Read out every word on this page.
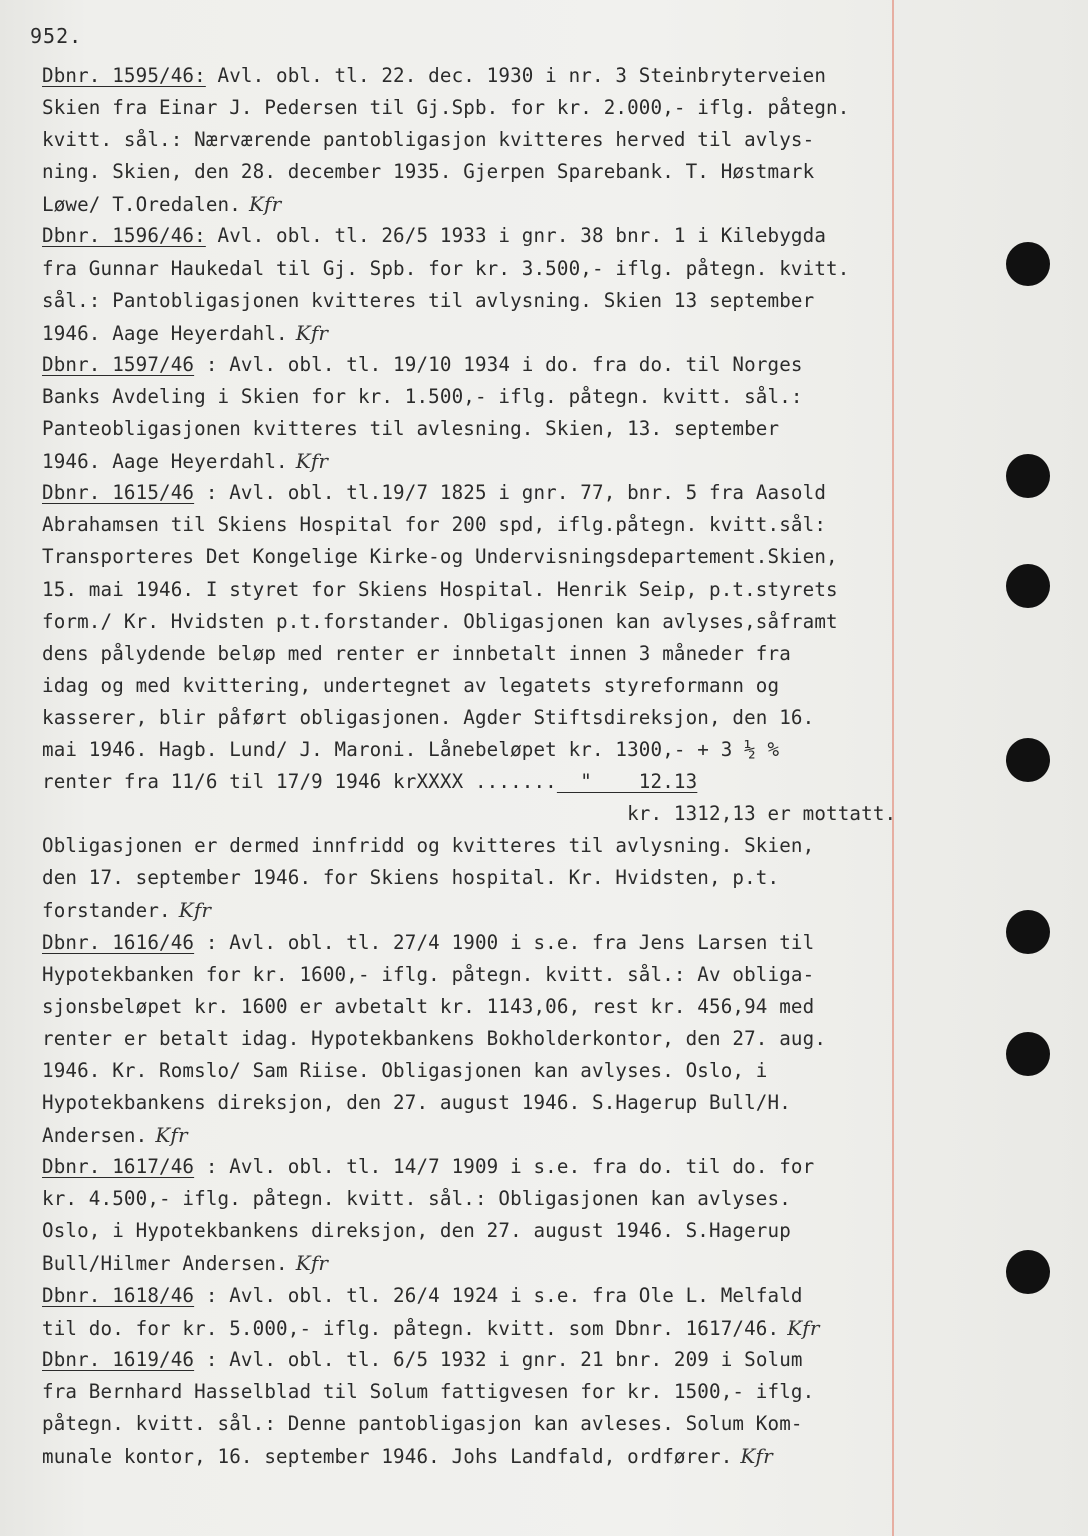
952.
Dbnr. 1595/46: Avl. obl. tl. 22. dec. 1930 i nr. 3 Steinbryterveien
Skien fra Einar J. Pedersen til Gj.Spb. for kr. 2.000,- iflg. påtegn.
kvitt. sål.: Nærværende pantobligasjon kvitteres herved til avlys-
ning. Skien, den 28. december 1935. Gjerpen Sparebank. T. Høstmark
Løwe/ T.Oredalen. Kfr
Dbnr. 1596/46: Avl. obl. tl. 26/5 1933 i gnr. 38 bnr. 1 i Kilebygda
fra Gunnar Haukedal til Gj. Spb. for kr. 3.500,- iflg. påtegn. kvitt.
sål.: Pantobligasjonen kvitteres til avlysning. Skien 13 september
1946. Aage Heyerdahl. Kfr
Dbnr. 1597/46 : Avl. obl. tl. 19/10 1934 i do. fra do. til Norges
Banks Avdeling i Skien for kr. 1.500,- iflg. påtegn. kvitt. sål.:
Panteobligasjonen kvitteres til avlesning. Skien, 13. september
1946. Aage Heyerdahl. Kfr
Dbnr. 1615/46 : Avl. obl. tl.19/7 1825 i gnr. 77, bnr. 5 fra Aasold
Abrahamsen til Skiens Hospital for 200 spd, iflg.påtegn. kvitt.sål:
Transporteres Det Kongelige Kirke-og Undervisningsdepartement.Skien,
15. mai 1946. I styret for Skiens Hospital. Henrik Seip, p.t.styrets
form./ Kr. Hvidsten p.t.forstander. Obligasjonen kan avlyses,såframt
dens pålydende beløp med renter er innbetalt innen 3 måneder fra
idag og med kvittering, undertegnet av legatets styreformann og
kasserer, blir påført obligasjonen. Agder Stiftsdireksjon, den 16.
mai 1946. Hagb. Lund/ J. Maroni. Lånebeløpet kr. 1300,- + 3 ½ %
renter fra 11/6 til 17/9 1946 krXXXX .......  "    12.13
kr. 1312,13 er mottatt.
Obligasjonen er dermed innfridd og kvitteres til avlysning. Skien,
den 17. september 1946. for Skiens hospital. Kr. Hvidsten, p.t.
forstander. Kfr
Dbnr. 1616/46 : Avl. obl. tl. 27/4 1900 i s.e. fra Jens Larsen til
Hypotekbanken for kr. 1600,- iflg. påtegn. kvitt. sål.: Av obliga-
sjonsbeløpet kr. 1600 er avbetalt kr. 1143,06, rest kr. 456,94 med
renter er betalt idag. Hypotekbankens Bokholderkontor, den 27. aug.
1946. Kr. Romslo/ Sam Riise. Obligasjonen kan avlyses. Oslo, i
Hypotekbankens direksjon, den 27. august 1946. S.Hagerup Bull/H.
Andersen. Kfr
Dbnr. 1617/46 : Avl. obl. tl. 14/7 1909 i s.e. fra do. til do. for
kr. 4.500,- iflg. påtegn. kvitt. sål.: Obligasjonen kan avlyses.
Oslo, i Hypotekbankens direksjon, den 27. august 1946. S.Hagerup
Bull/Hilmer Andersen. Kfr
Dbnr. 1618/46 : Avl. obl. tl. 26/4 1924 i s.e. fra Ole L. Melfald
til do. for kr. 5.000,- iflg. påtegn. kvitt. som Dbnr. 1617/46. Kfr
Dbnr. 1619/46 : Avl. obl. tl. 6/5 1932 i gnr. 21 bnr. 209 i Solum
fra Bernhard Hasselblad til Solum fattigvesen for kr. 1500,- iflg.
påtegn. kvitt. sål.: Denne pantobligasjon kan avleses. Solum Kom-
munale kontor, 16. september 1946. Johs Landfald, ordfører. Kfr
